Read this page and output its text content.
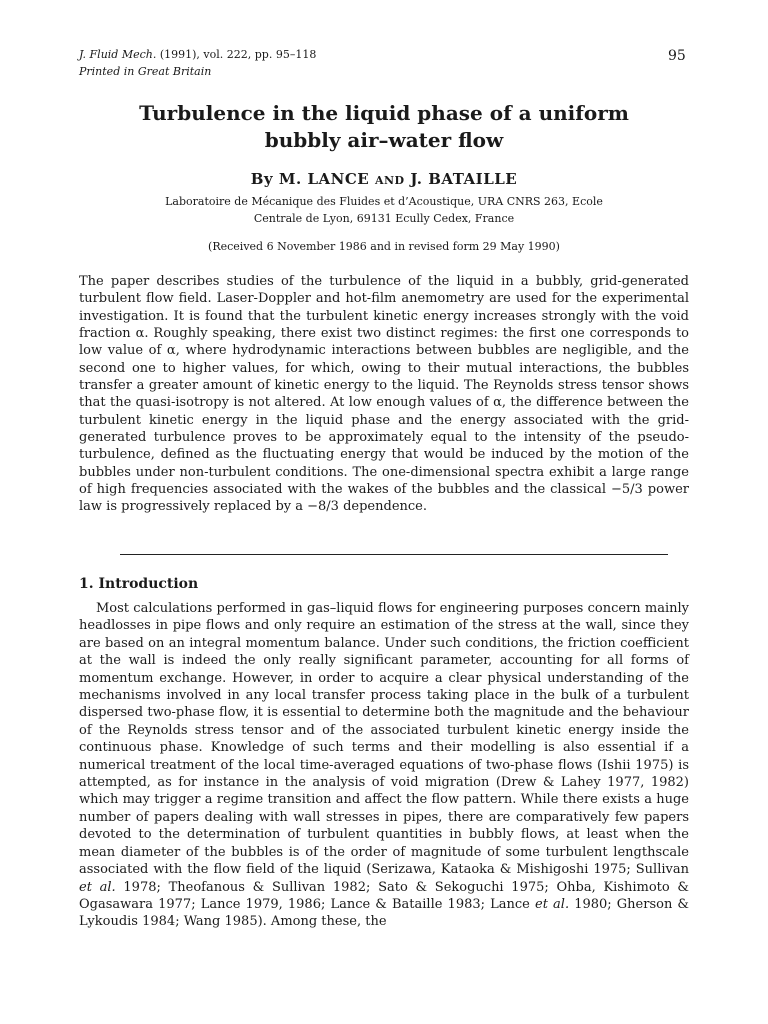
J. Fluid Mech. (1991), vol. 222, pp. 95–118
Printed in Great Britain
95
Turbulence in the liquid phase of a uniform
bubbly air–water flow
By M. LANCE AND J. BATAILLE
Laboratoire de Mécanique des Fluides et d’Acoustique, URA CNRS 263, Ecole
Centrale de Lyon, 69131 Ecully Cedex, France
(Received 6 November 1986 and in revised form 29 May 1990)
The paper describes studies of the turbulence of the liquid in a bubbly, grid-generated turbulent flow field. Laser-Doppler and hot-film anemometry are used for the experimental investigation. It is found that the turbulent kinetic energy increases strongly with the void fraction α. Roughly speaking, there exist two distinct regimes: the first one corresponds to low value of α, where hydrodynamic interactions between bubbles are negligible, and the second one to higher values, for which, owing to their mutual interactions, the bubbles transfer a greater amount of kinetic energy to the liquid. The Reynolds stress tensor shows that the quasi-isotropy is not altered. At low enough values of α, the difference between the turbulent kinetic energy in the liquid phase and the energy associated with the grid-generated turbulence proves to be approximately equal to the intensity of the pseudo-turbulence, defined as the fluctuating energy that would be induced by the motion of the bubbles under non-turbulent conditions. The one-dimensional spectra exhibit a large range of high frequencies associated with the wakes of the bubbles and the classical −5/3 power law is progressively replaced by a −8/3 dependence.
1. Introduction
Most calculations performed in gas–liquid flows for engineering purposes concern mainly headlosses in pipe flows and only require an estimation of the stress at the wall, since they are based on an integral momentum balance. Under such conditions, the friction coefficient at the wall is indeed the only really significant parameter, accounting for all forms of momentum exchange. However, in order to acquire a clear physical understanding of the mechanisms involved in any local transfer process taking place in the bulk of a turbulent dispersed two-phase flow, it is essential to determine both the magnitude and the behaviour of the Reynolds stress tensor and of the associated turbulent kinetic energy inside the continuous phase. Knowledge of such terms and their modelling is also essential if a numerical treatment of the local time-averaged equations of two-phase flows (Ishii 1975) is attempted, as for instance in the analysis of void migration (Drew & Lahey 1977, 1982) which may trigger a regime transition and affect the flow pattern. While there exists a huge number of papers dealing with wall stresses in pipes, there are comparatively few papers devoted to the determination of turbulent quantities in bubbly flows, at least when the mean diameter of the bubbles is of the order of magnitude of some turbulent lengthscale associated with the flow field of the liquid (Serizawa, Kataoka & Mishigoshi 1975; Sullivan et al. 1978; Theofanous & Sullivan 1982; Sato & Sekoguchi 1975; Ohba, Kishimoto & Ogasawara 1977; Lance 1979, 1986; Lance & Bataille 1983; Lance et al. 1980; Gherson & Lykoudis 1984; Wang 1985). Among these, the
